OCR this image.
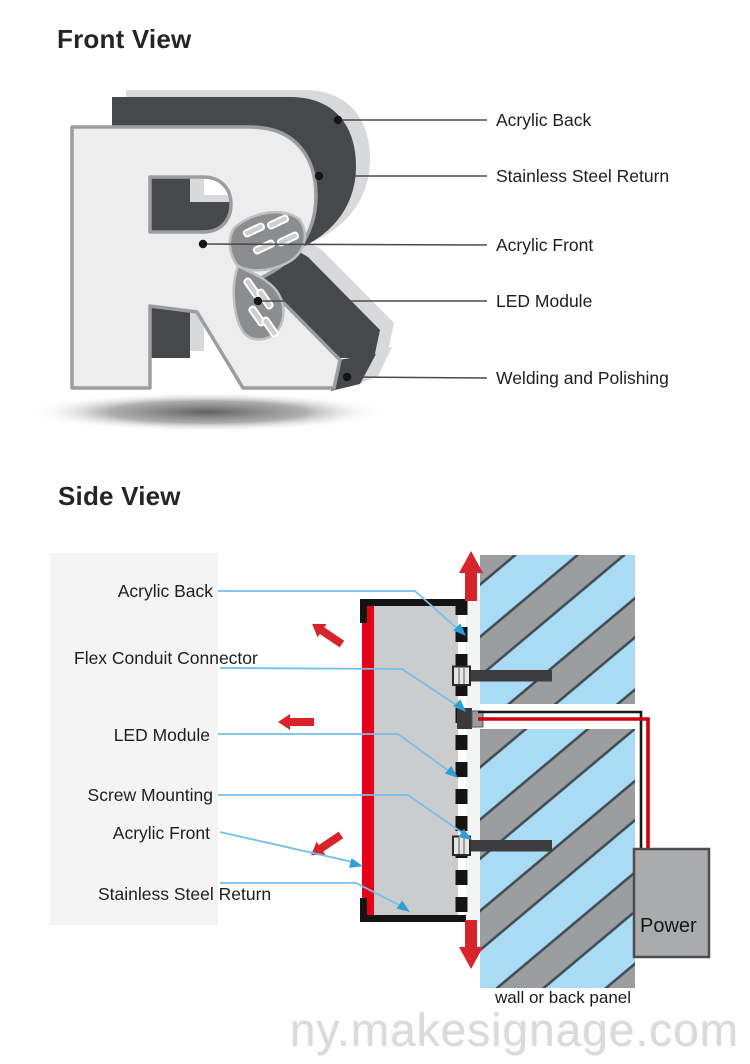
Front View
Acrylic Back
Stainless Steel Return
Acrylic Front
LED Module
Welding and Polishing
Side View
Acrylic Back
Flex Conduit Connector
LED Module
Screw Mounting
Acrylic Front
Stainless Steel Return
Power
wall or back panel
ny.makesignage.com
